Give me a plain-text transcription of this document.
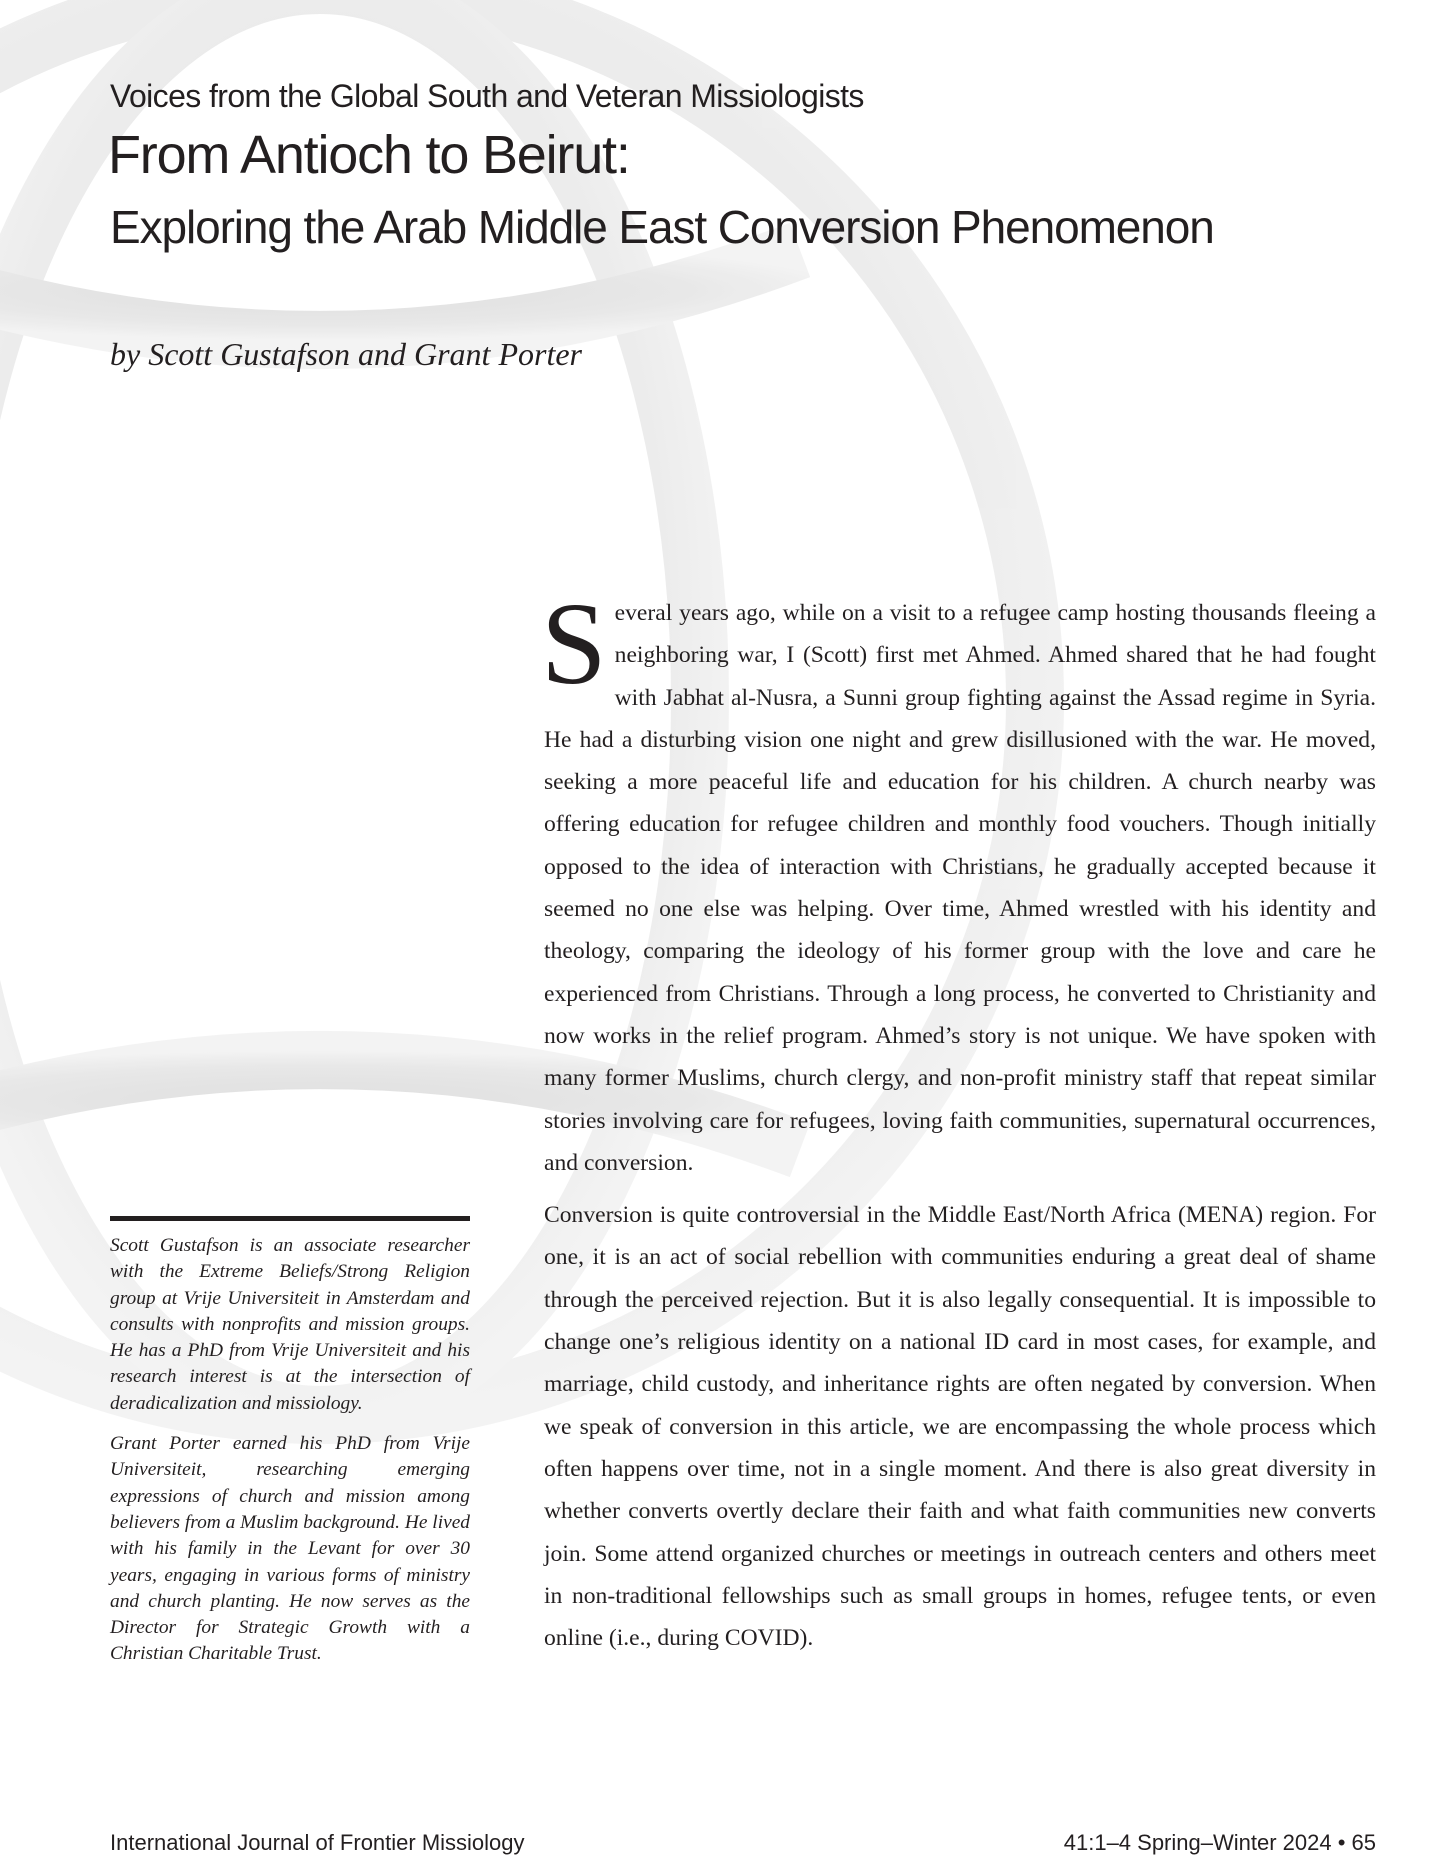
Voices from the Global South and Veteran Missiologists
From Antioch to Beirut:
Exploring the Arab Middle East Conversion Phenomenon
by Scott Gustafson and Grant Porter

Several years ago, while on a visit to a refugee camp hosting thousands fleeing a neighboring war, I (Scott) first met Ahmed. Ahmed shared that he had fought with Jabhat al-Nusra, a Sunni group fighting against the Assad regime in Syria. He had a disturbing vision one night and grew disillusioned with the war. He moved, seeking a more peaceful life and education for his children. A church nearby was offering education for refugee children and monthly food vouchers. Though initially opposed to the idea of interaction with Christians, he gradually accepted because it seemed no one else was helping. Over time, Ahmed wrestled with his identity and theology, comparing the ideology of his former group with the love and care he experienced from Christians. Through a long process, he converted to Christianity and now works in the relief program. Ahmed’s story is not unique. We have spoken with many former Muslims, church clergy, and non-profit ministry staff that repeat similar stories involving care for refugees, loving faith communities, supernatural occurrences, and conversion.

Conversion is quite controversial in the Middle East/North Africa (MENA) region. For one, it is an act of social rebellion with communities enduring a great deal of shame through the perceived rejection. But it is also legally consequential. It is impossible to change one’s religious identity on a national ID card in most cases, for example, and marriage, child custody, and inheritance rights are often negated by conversion. When we speak of conversion in this article, we are encompassing the whole process which often happens over time, not in a single moment. And there is also great diversity in whether converts overtly declare their faith and what faith communities new converts join. Some attend organized churches or meetings in outreach centers and others meet in non-traditional fellowships such as small groups in homes, refugee tents, or even online (i.e., during COVID).

Scott Gustafson is an associate researcher with the Extreme Beliefs/Strong Religion group at Vrije Universiteit in Amsterdam and consults with nonprofits and mission groups. He has a PhD from Vrije Universiteit and his research interest is at the intersection of deradicalization and missiology.

Grant Porter earned his PhD from Vrije Universiteit, researching emerging expressions of church and mission among believers from a Muslim background. He lived with his family in the Levant for over 30 years, engaging in various forms of ministry and church planting. He now serves as the Director for Strategic Growth with a Christian Charitable Trust.

International Journal of Frontier Missiology	41:1–4 Spring–Winter 2024 • 65
